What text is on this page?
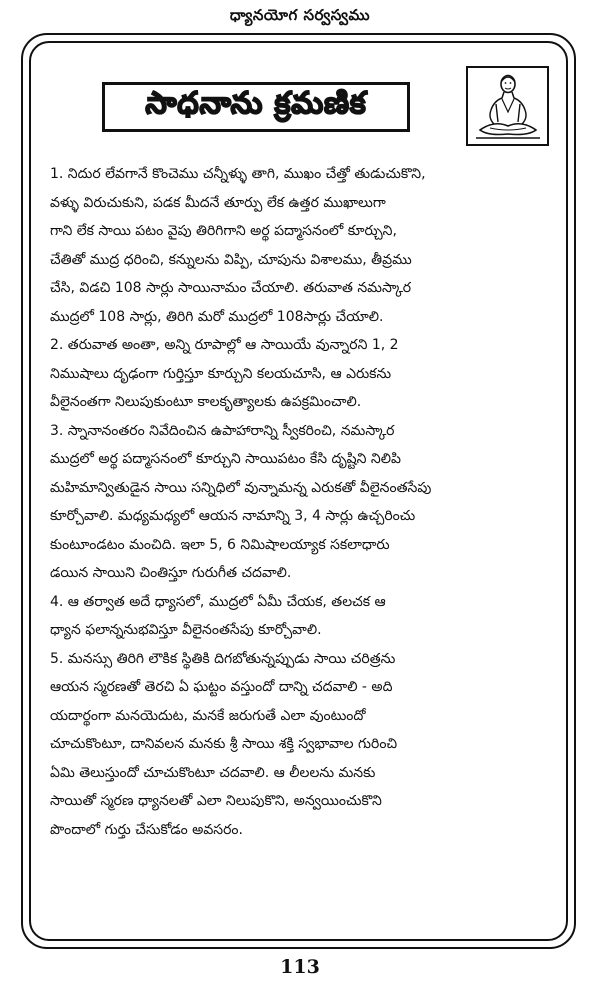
ధ్యానయోగ సర్వస్వము
సాధనాను క్రమణిక
1. నిదుర లేవగానే కొంచెము చన్నీళ్ళు తాగి, ముఖం చేత్తో తుడుచుకొని,
వళ్ళు విరుచుకుని, పడక మీదనే తూర్పు లేక ఉత్తర ముఖాలుగా
గాని లేక సాయి పటం వైపు తిరిగిగాని అర్థ పద్మాసనంలో కూర్చుని,
చేతితో ముద్ర ధరించి, కన్నులను విప్పి, చూపును విశాలము, తీవ్రము
చేసి, విడచి 108 సార్లు సాయినామం చేయాలి. తరువాత నమస్కార
ముద్రలో 108 సార్లు, తిరిగి మరో ముద్రలో 108సార్లు చేయాలి.
2. తరువాత అంతా, అన్ని రూపాల్లో ఆ సాయియే వున్నారని 1, 2
నిముషాలు దృఢంగా గుర్తిస్తూ కూర్చుని కలయచూసి, ఆ ఎరుకను
వీలైనంతగా నిలుపుకుంటూ కాలకృత్యాలకు ఉపక్రమించాలి.
3. స్నానానంతరం నివేదించిన ఉపాహారాన్ని స్వీకరించి, నమస్కార
ముద్రలో అర్థ పద్మాసనంలో కూర్చుని సాయిపటం కేసి దృష్టిని నిలిపి
మహిమాన్వితుడైన సాయి సన్నిధిలో వున్నామన్న ఎరుకతో వీలైనంతసేపు
కూర్చోవాలి. మధ్యమధ్యలో ఆయన నామాన్ని 3, 4 సార్లు ఉచ్చరించు
కుంటూండటం మంచిది. ఇలా 5, 6 నిమిషాలయ్యాక సకలాధారు
డయిన సాయిని చింతిస్తూ గురుగీత చదవాలి.
4. ఆ తర్వాత అదే ధ్యాసలో, ముద్రలో ఏమీ చేయక, తలచక ఆ
ధ్యాన ఫలాన్ననుభవిస్తూ వీలైనంతసేపు కూర్చోవాలి.
5. మనస్సు తిరిగి లౌకిక స్థితికి దిగబోతున్నప్పుడు సాయి చరిత్రను
ఆయన స్మరణతో తెరచి ఏ ఘట్టం వస్తుందో దాన్ని చదవాలి - అది
యదార్థంగా మనయెదుట, మనకే జరుగుతే ఎలా వుంటుందో
చూచుకొంటూ, దానివలన మనకు శ్రీ సాయి శక్తి స్వభావాల గురించి
ఏమి తెలుస్తుందో చూచుకొంటూ చదవాలి. ఆ లీలలను మనకు
సాయితో స్మరణ ధ్యానలతో ఎలా నిలుపుకొని, అన్వయించుకొని
పొందాలో గుర్తు చేసుకోడం అవసరం.
113
